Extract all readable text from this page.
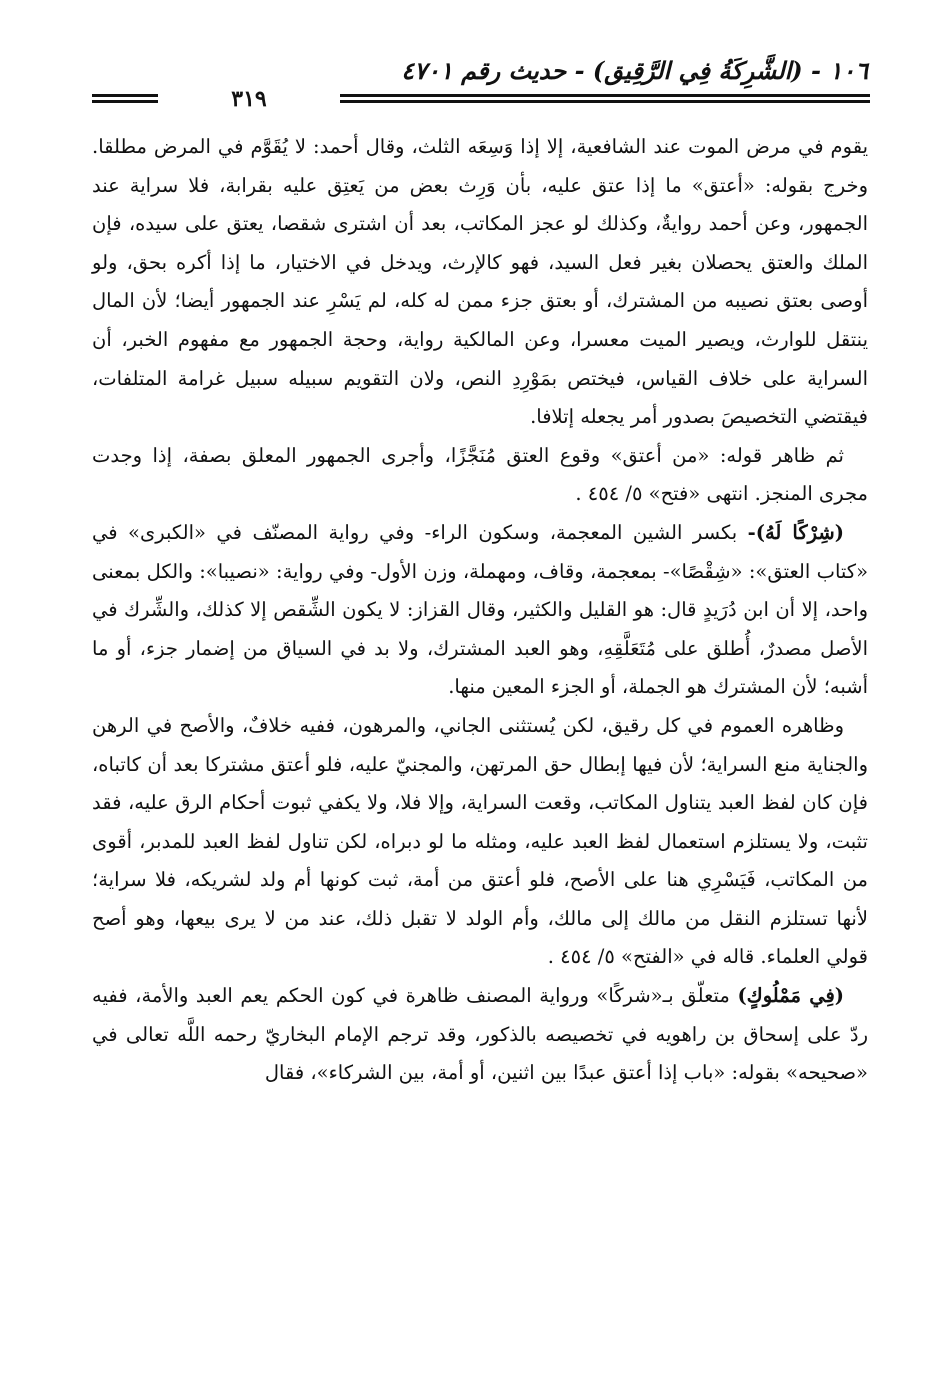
١٠٦ - (الشَّرِكَةُ فِي الرَّقِيق) - حديث رقم ٤٧٠١
٣١٩

يقوم في مرض الموت عند الشافعية، إلا إذا وَسِعَه الثلث، وقال أحمد: لا يُقَوَّم في المرض مطلقا. وخرج بقوله: «أعتق» ما إذا عتق عليه، بأن وَرِث بعض من يَعتِق عليه بقرابة، فلا سراية عند الجمهور، وعن أحمد روايةٌ، وكذلك لو عجز المكاتب، بعد أن اشترى شقصا، يعتق على سيده، فإن الملك والعتق يحصلان بغير فعل السيد، فهو كالإرث، ويدخل في الاختيار، ما إذا أكره بحق، ولو أوصى بعتق نصيبه من المشترك، أو بعتق جزء ممن له كله، لم يَسْرِ عند الجمهور أيضا؛ لأن المال ينتقل للوارث، ويصير الميت معسرا، وعن المالكية رواية، وحجة الجمهور مع مفهوم الخبر، أن السراية على خلاف القياس، فيختص بمَوْرِدِ النص، ولان التقويم سبيله سبيل غرامة المتلفات، فيقتضي التخصيصَ بصدور أمر يجعله إتلافا.

ثم ظاهر قوله: «من أعتق» وقوع العتق مُنَجَّزًا، وأجرى الجمهور المعلق بصفة، إذا وجدت مجرى المنجز. انتهى «فتح» ٥/ ٤٥٤ .

(شِرْكًا لَهُ)- بكسر الشين المعجمة، وسكون الراء- وفي رواية المصنّف في «الكبرى» في «كتاب العتق»: «شِقْصًا»- بمعجمة، وقاف، ومهملة، وزن الأول- وفي رواية: «نصيبا»: والكل بمعنى واحد، إلا أن ابن دُرَيدٍ قال: هو القليل والكثير، وقال القزاز: لا يكون الشِّقص إلا كذلك، والشِّرك في الأصل مصدرٌ، أُطلق على مُتَعَلَّقِهِ، وهو العبد المشترك، ولا بد في السياق من إضمار جزء، أو ما أشبه؛ لأن المشترك هو الجملة، أو الجزء المعين منها.

وظاهره العموم في كل رقيق، لكن يُستثنى الجاني، والمرهون، ففيه خلافٌ، والأصح في الرهن والجناية منع السراية؛ لأن فيها إبطال حق المرتهن، والمجنيّ عليه، فلو أعتق مشتركا بعد أن كاتباه، فإن كان لفظ العبد يتناول المكاتب، وقعت السراية، وإلا فلا، ولا يكفي ثبوت أحكام الرق عليه، فقد تثبت، ولا يستلزم استعمال لفظ العبد عليه، ومثله ما لو دبراه، لكن تناول لفظ العبد للمدبر، أقوى من المكاتب، فَيَسْرِي هنا على الأصح، فلو أعتق من أمة، ثبت كونها أم ولد لشريكه، فلا سراية؛ لأنها تستلزم النقل من مالك إلى مالك، وأم الولد لا تقبل ذلك، عند من لا يرى بيعها، وهو أصح قولي العلماء. قاله في «الفتح» ٥/ ٤٥٤ .

(فِي مَمْلُوكٍ) متعلّق بـ«شركًا» ورواية المصنف ظاهرة في كون الحكم يعم العبد والأمة، ففيه ردّ على إسحاق بن راهويه في تخصيصه بالذكور، وقد ترجم الإمام البخاريّ رحمه اللَّه تعالى في «صحيحه» بقوله: «باب إذا أعتق عبدًا بين اثنين، أو أمة، بين الشركاء»، فقال
